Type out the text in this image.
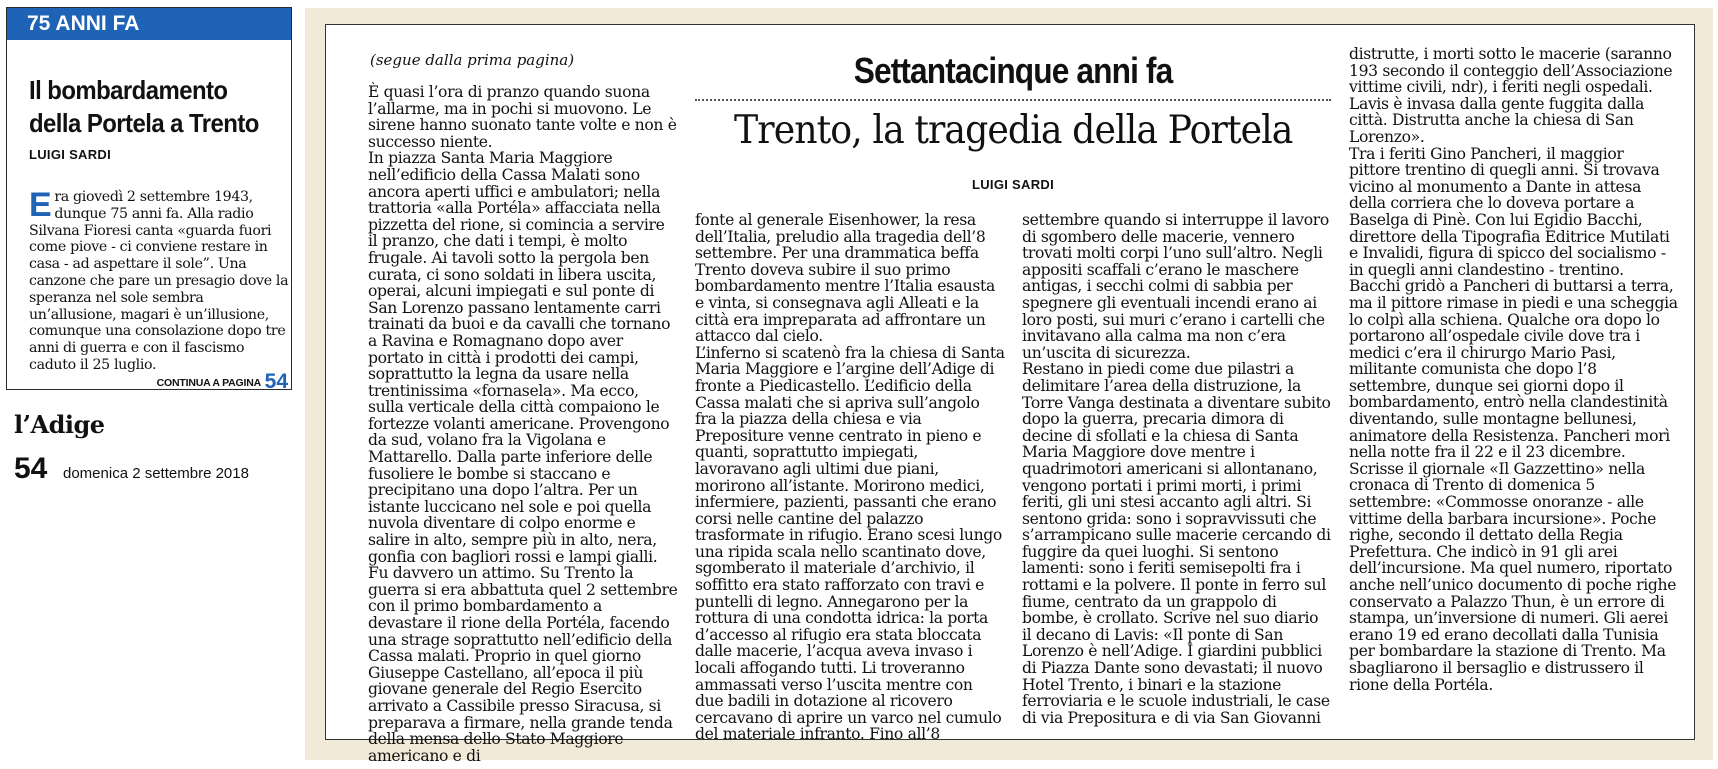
75 ANNI FA
Il bombardamento della Portela a Trento
LUIGI SARDI
Era giovedì 2 settembre 1943, dunque 75 anni fa. Alla radio Silvana Fioresi canta «guarda fuori come piove - ci conviene restare in casa - ad aspettare il sole”. Una canzone che pare un presagio dove la speranza nel sole sembra un’allusione, magari è un’illusione, comunque una consolazione dopo tre anni di guerra e con il fascismo caduto il 25 luglio.
CONTINUA A PAGINA 54
l’Adige
54 domenica 2 settembre 2018
(segue dalla prima pagina)
È quasi l’ora di pranzo quando suona l’allarme, ma in pochi si muovono. Le sirene hanno suonato tante volte e non è successo niente.
In piazza Santa Maria Maggiore nell’edificio della Cassa Malati sono ancora aperti uffici e ambulatori; nella trattoria «alla Portéla» affacciata nella pizzetta del rione, si comincia a servire il pranzo, che dati i tempi, è molto frugale. Ai tavoli sotto la pergola ben curata, ci sono soldati in libera uscita, operai, alcuni impiegati e sul ponte di San Lorenzo passano lentamente carri trainati da buoi e da cavalli che tornano a Ravina e Romagnano dopo aver portato in città i prodotti dei campi, soprattutto la legna da usare nella trentinissima «fornasela». Ma ecco, sulla verticale della città compaiono le fortezze volanti americane. Provengono da sud, volano fra la Vigolana e Mattarello. Dalla parte inferiore delle fusoliere le bombe si staccano e precipitano una dopo l’altra. Per un istante luccicano nel sole e poi quella nuvola diventare di colpo enorme e salire in alto, sempre più in alto, nera, gonfia con bagliori rossi e lampi gialli.
Fu davvero un attimo. Su Trento la guerra si era abbattuta quel 2 settembre con il primo bombardamento a devastare il rione della Portéla, facendo una strage soprattutto nell’edificio della Cassa malati. Proprio in quel giorno Giuseppe Castellano, all’epoca il più giovane generale del Regio Esercito arrivato a Cassibile presso Siracusa, si preparava a firmare, nella grande tenda della mensa dello Stato Maggiore americano e di
Settantacinque anni fa
Trento, la tragedia della Portela
LUIGI SARDI
fonte al generale Eisenhower, la resa dell’Italia, preludio alla tragedia dell’8 settembre. Per una drammatica beffa Trento doveva subire il suo primo bombardamento mentre l’Italia esausta e vinta, si consegnava agli Alleati e la città era impreparata ad affrontare un attacco dal cielo.
L’inferno si scatenò fra la chiesa di Santa Maria Maggiore e l’argine dell’Adige di fronte a Piedicastello. L’edificio della Cassa malati che si apriva sull’angolo fra la piazza della chiesa e via Prepositure venne centrato in pieno e quanti, soprattutto impiegati, lavoravano agli ultimi due piani, morirono all’istante. Morirono medici, infermiere, pazienti, passanti che erano corsi nelle cantine del palazzo trasformate in rifugio. Erano scesi lungo una ripida scala nello scantinato dove, sgomberato il materiale d’archivio, il soffitto era stato rafforzato con travi e puntelli di legno. Annegarono per la rottura di una condotta idrica: la porta d’accesso al rifugio era stata bloccata dalle macerie, l’acqua aveva invaso i locali affogando tutti. Li troveranno ammassati verso l’uscita mentre con due badili in dotazione al ricovero cercavano di aprire un varco nel cumulo del materiale infranto. Fino all’8
settembre quando si interruppe il lavoro di sgombero delle macerie, vennero trovati molti corpi l’uno sull’altro. Negli appositi scaffali c’erano le maschere antigas, i secchi colmi di sabbia per spegnere gli eventuali incendi erano ai loro posti, sui muri c’erano i cartelli che invitavano alla calma ma non c’era un’uscita di sicurezza.
Restano in piedi come due pilastri a delimitare l’area della distruzione, la Torre Vanga destinata a diventare subito dopo la guerra, precaria dimora di decine di sfollati e la chiesa di Santa Maria Maggiore dove mentre i quadrimotori americani si allontanano, vengono portati i primi morti, i primi feriti, gli uni stesi accanto agli altri. Si sentono grida: sono i sopravvissuti che s’arrampicano sulle macerie cercando di fuggire da quei luoghi. Si sentono lamenti: sono i feriti semisepolti fra i rottami e la polvere. Il ponte in ferro sul fiume, centrato da un grappolo di bombe, è crollato. Scrive nel suo diario il decano di Lavis: «Il ponte di San Lorenzo è nell’Adige. I giardini pubblici di Piazza Dante sono devastati; il nuovo Hotel Trento, i binari e la stazione ferroviaria e le scuole industriali, le case di via Prepositura e di via San Giovanni
distrutte, i morti sotto le macerie (saranno 193 secondo il conteggio dell’Associazione vittime civili, ndr), i feriti negli ospedali. Lavis è invasa dalla gente fuggita dalla città. Distrutta anche la chiesa di San Lorenzo».
Tra i feriti Gino Pancheri, il maggior pittore trentino di quegli anni. Si trovava vicino al monumento a Dante in attesa della corriera che lo doveva portare a Baselga di Pinè. Con lui Egidio Bacchi, direttore della Tipografia Editrice Mutilati e Invalidi, figura di spicco del socialismo - in quegli anni clandestino - trentino. Bacchi gridò a Pancheri di buttarsi a terra, ma il pittore rimase in piedi e una scheggia lo colpì alla schiena. Qualche ora dopo lo portarono all’ospedale civile dove tra i medici c’era il chirurgo Mario Pasi, militante comunista che dopo l’8 settembre, dunque sei giorni dopo il bombardamento, entrò nella clandestinità diventando, sulle montagne bellunesi, animatore della Resistenza. Pancheri morì nella notte fra il 22 e il 23 dicembre. Scrisse il giornale «Il Gazzettino» nella cronaca di Trento di domenica 5 settembre: «Commosse onoranze - alle vittime della barbara incursione». Poche righe, secondo il dettato della Regia Prefettura. Che indicò in 91 gli arei dell’incursione. Ma quel numero, riportato anche nell’unico documento di poche righe conservato a Palazzo Thun, è un errore di stampa, un’inversione di numeri. Gli aerei erano 19 ed erano decollati dalla Tunisia per bombardare la stazione di Trento. Ma sbagliarono il bersaglio e distrussero il rione della Portéla.
